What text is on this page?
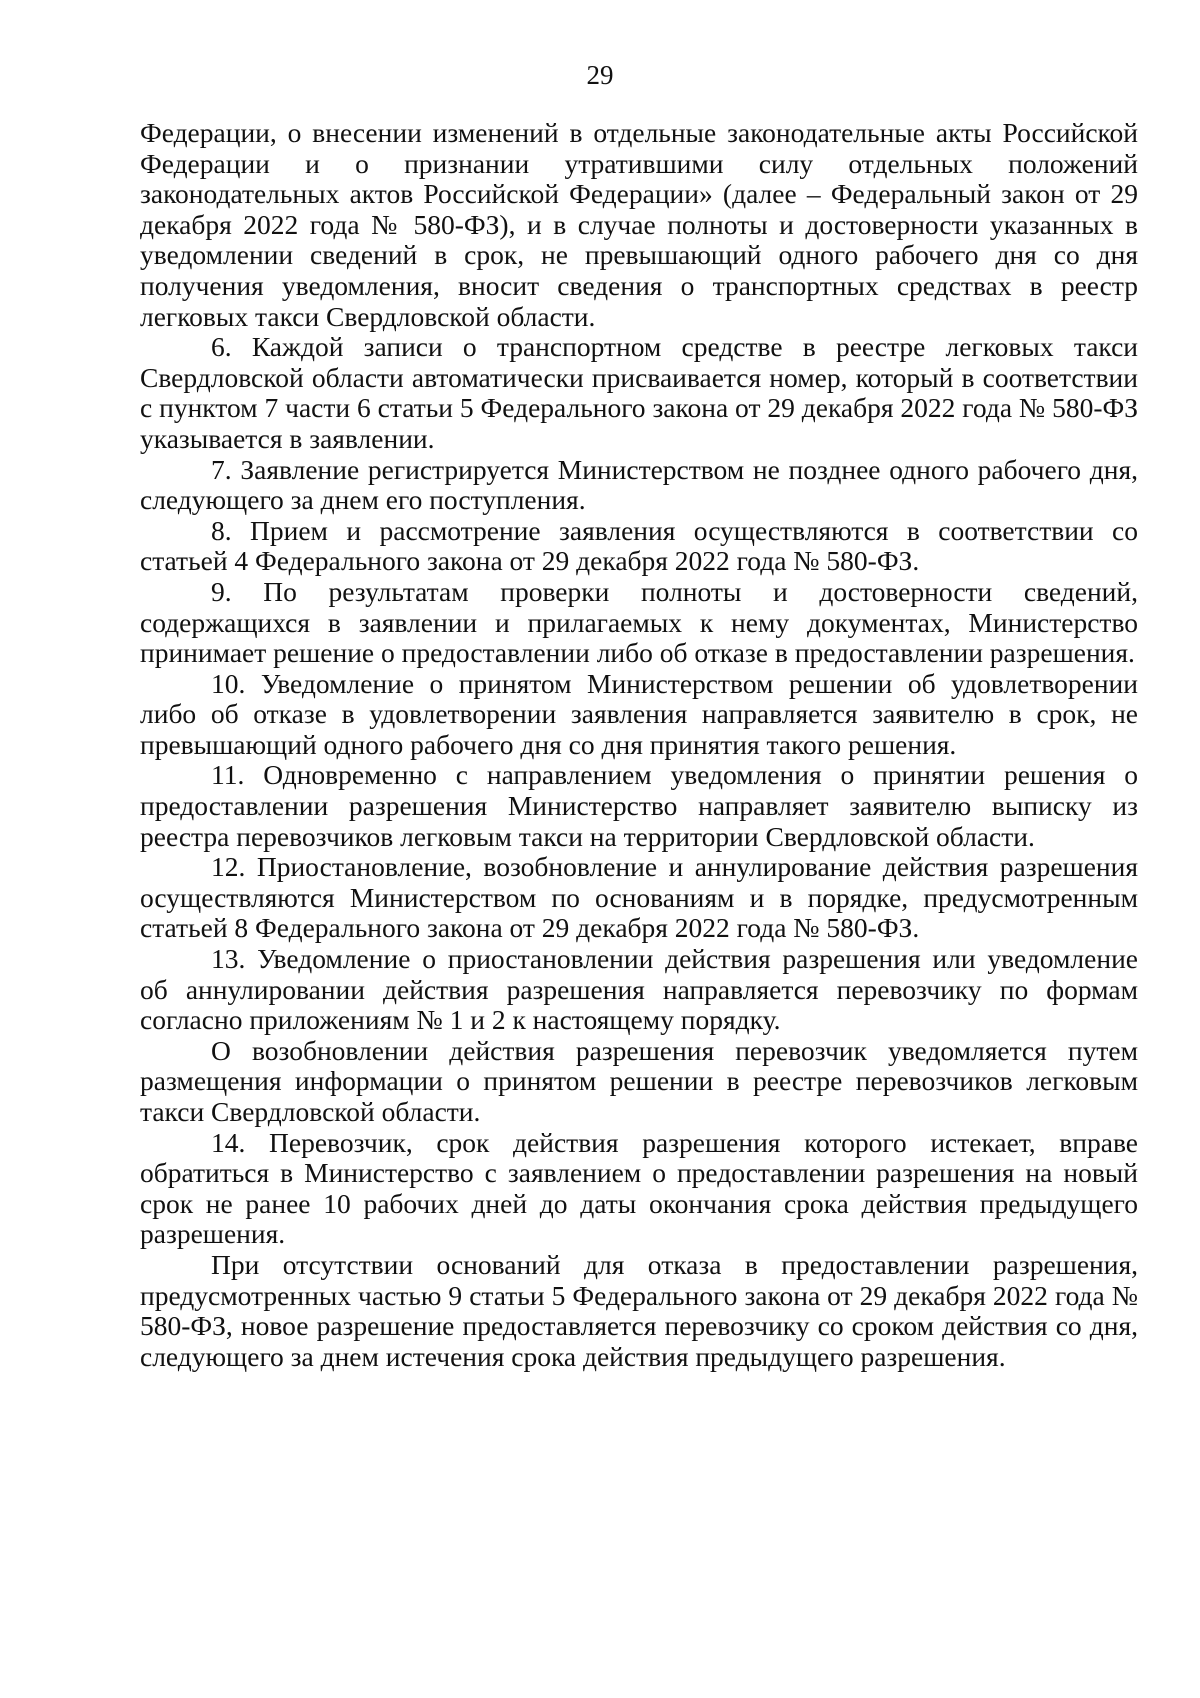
29

Федерации, о внесении изменений в отдельные законодательные акты Российской Федерации и о признании утратившими силу отдельных положений законодательных актов Российской Федерации» (далее – Федеральный закон от 29 декабря 2022 года № 580-ФЗ), и в случае полноты и достоверности указанных в уведомлении сведений в срок, не превышающий одного рабочего дня со дня получения уведомления, вносит сведения о транспортных средствах в реестр легковых такси Свердловской области.

6. Каждой записи о транспортном средстве в реестре легковых такси Свердловской области автоматически присваивается номер, который в соответствии с пунктом 7 части 6 статьи 5 Федерального закона от 29 декабря 2022 года № 580-ФЗ указывается в заявлении.

7. Заявление регистрируется Министерством не позднее одного рабочего дня, следующего за днем его поступления.

8. Прием и рассмотрение заявления осуществляются в соответствии со статьей 4 Федерального закона от 29 декабря 2022 года № 580-ФЗ.

9. По результатам проверки полноты и достоверности сведений, содержащихся в заявлении и прилагаемых к нему документах, Министерство принимает решение о предоставлении либо об отказе в предоставлении разрешения.

10. Уведомление о принятом Министерством решении об удовлетворении либо об отказе в удовлетворении заявления направляется заявителю в срок, не превышающий одного рабочего дня со дня принятия такого решения.

11. Одновременно с направлением уведомления о принятии решения о предоставлении разрешения Министерство направляет заявителю выписку из реестра перевозчиков легковым такси на территории Свердловской области.

12. Приостановление, возобновление и аннулирование действия разрешения осуществляются Министерством по основаниям и в порядке, предусмотренным статьей 8 Федерального закона от 29 декабря 2022 года № 580-ФЗ.

13. Уведомление о приостановлении действия разрешения или уведомление об аннулировании действия разрешения направляется перевозчику по формам согласно приложениям № 1 и 2 к настоящему порядку.

О возобновлении действия разрешения перевозчик уведомляется путем размещения информации о принятом решении в реестре перевозчиков легковым такси Свердловской области.

14. Перевозчик, срок действия разрешения которого истекает, вправе обратиться в Министерство с заявлением о предоставлении разрешения на новый срок не ранее 10 рабочих дней до даты окончания срока действия предыдущего разрешения.

При отсутствии оснований для отказа в предоставлении разрешения, предусмотренных частью 9 статьи 5 Федерального закона от 29 декабря 2022 года № 580-ФЗ, новое разрешение предоставляется перевозчику со сроком действия со дня, следующего за днем истечения срока действия предыдущего разрешения.
